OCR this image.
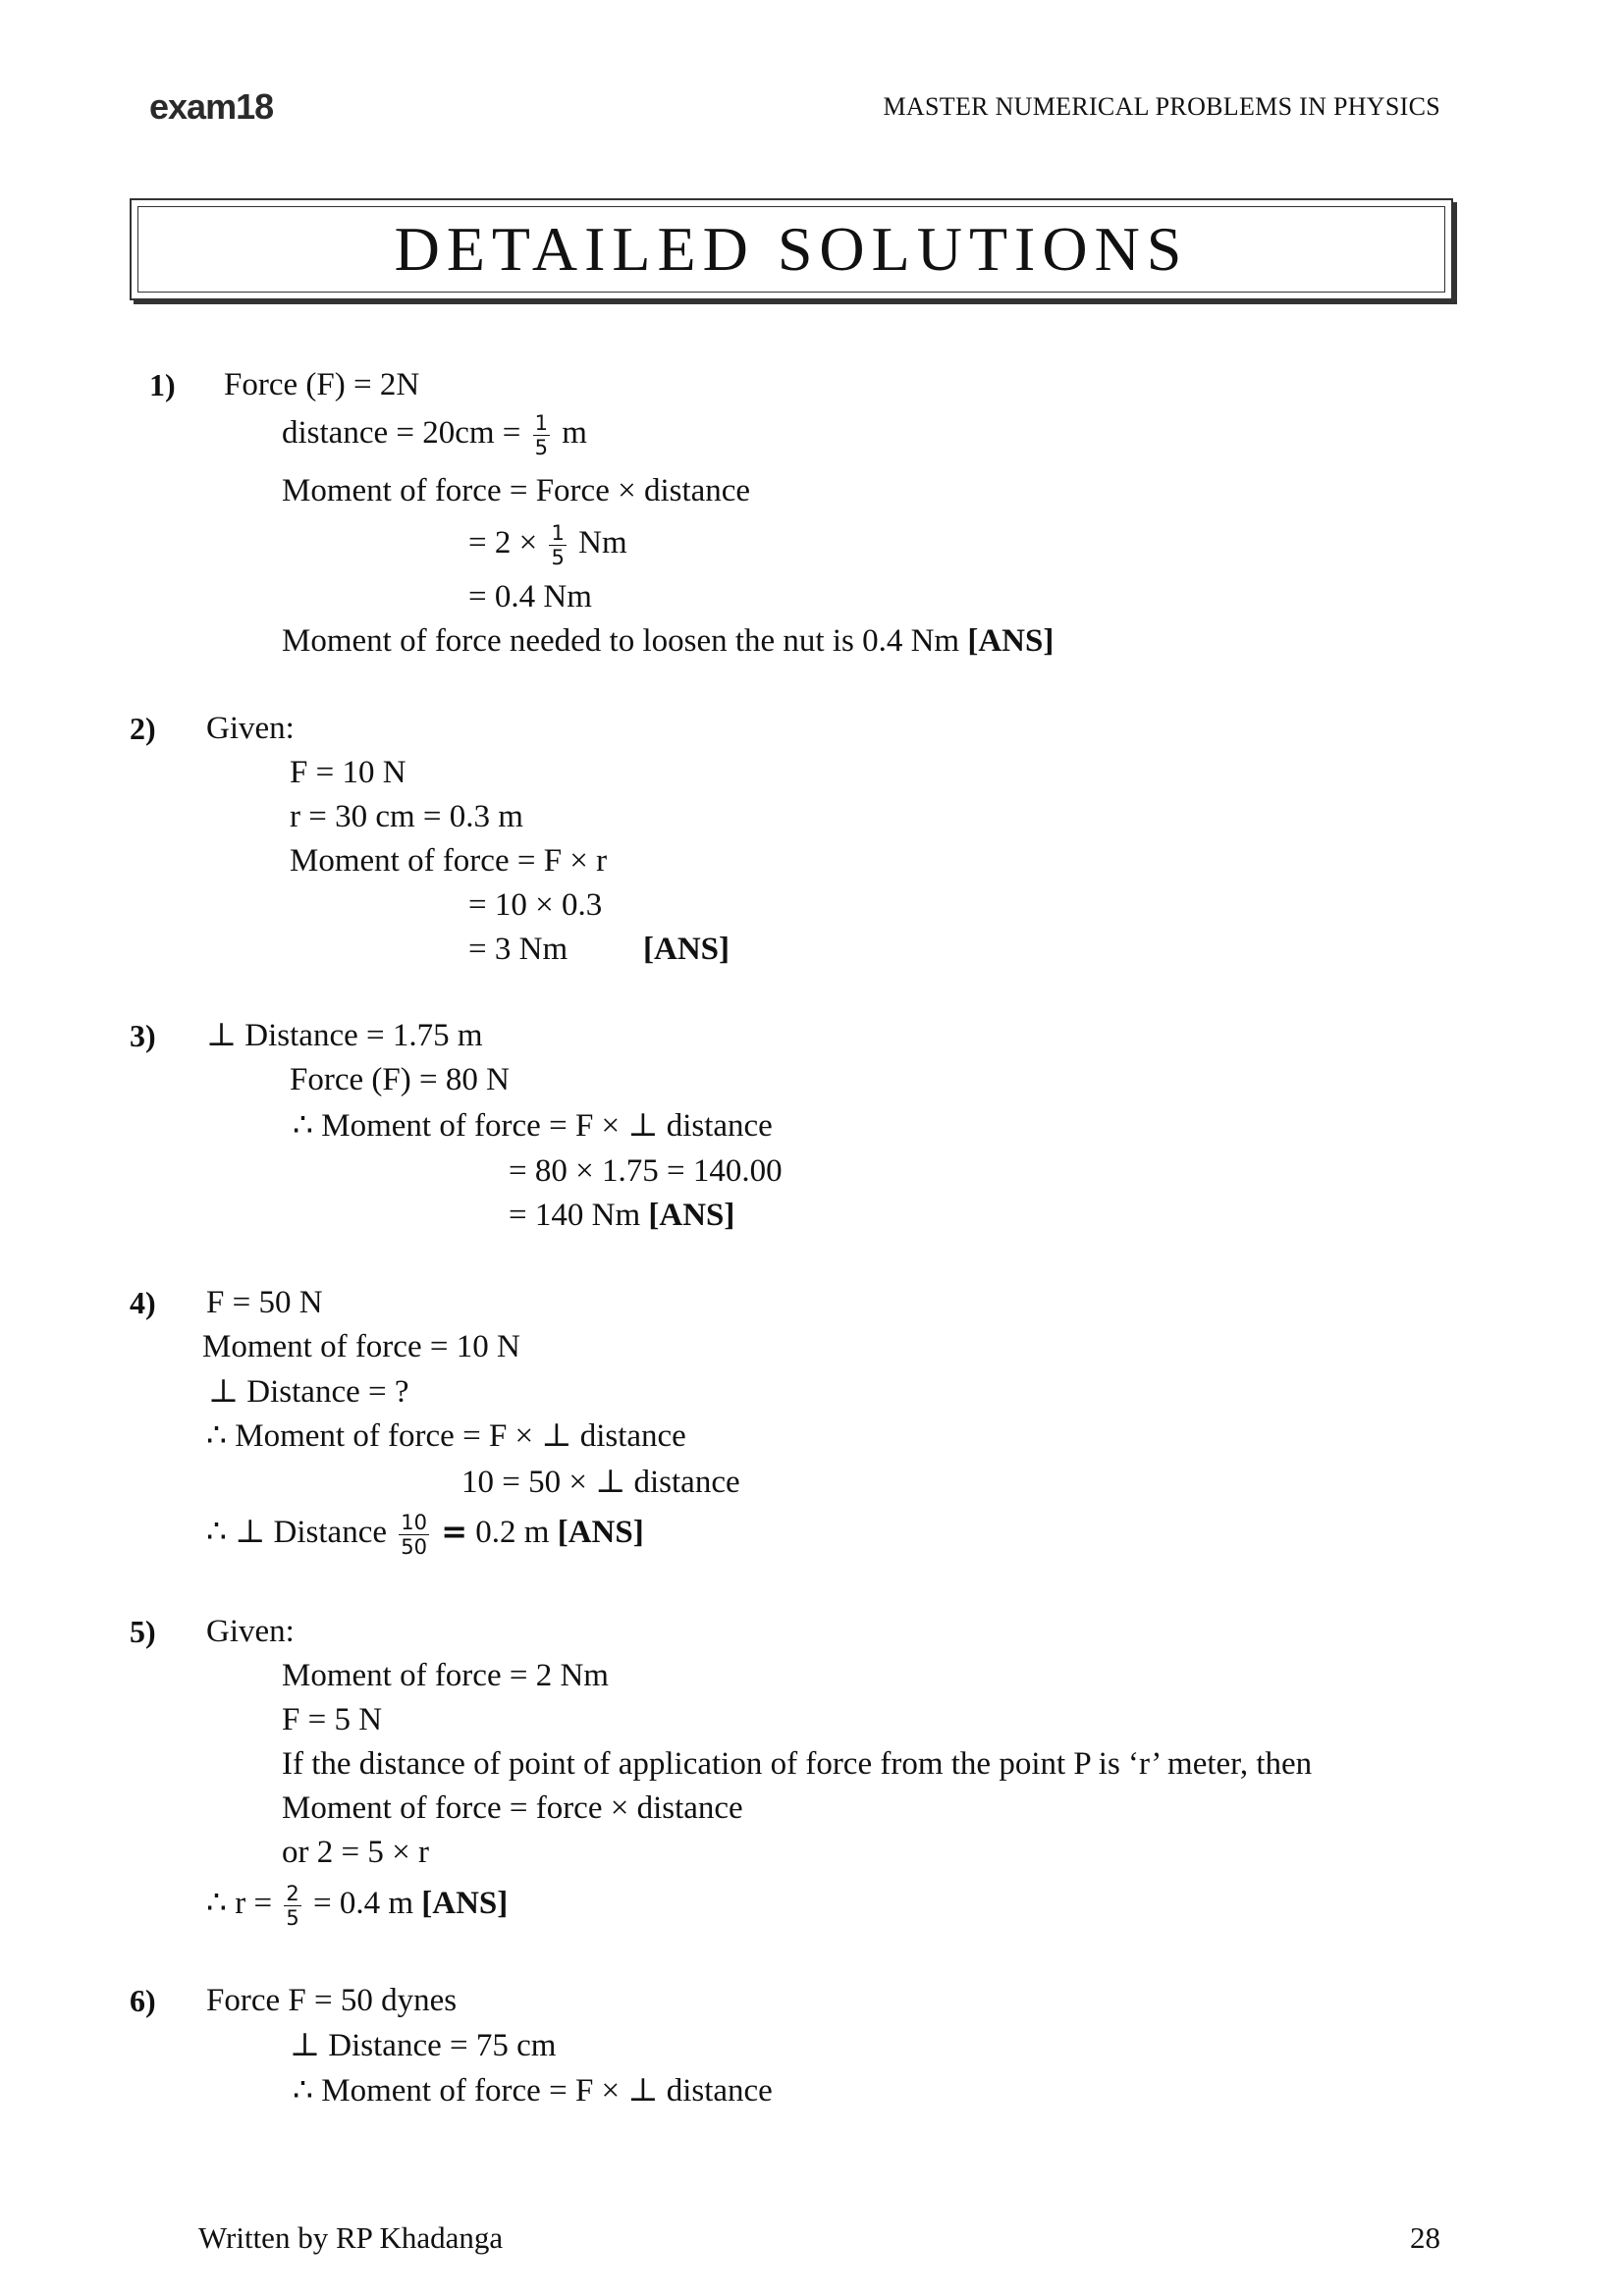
exam18	MASTER NUMERICAL PROBLEMS IN PHYSICS
DETAILED SOLUTIONS
1) Force (F) = 2N
distance = $20cm = \frac{1}{5}$ m
Moment of force = Force × distance
= $2 \times \frac{1}{5}$ Nm
= 0.4 Nm
Moment of force needed to loosen the nut is 0.4 Nm [ANS]
2) Given:
F = 10 N
r = 30 cm = 0.3 m
Moment of force = F × r
= 10 × 0.3
= 3 Nm [ANS]
3) ⊥ Distance = 1.75 m
Force (F) = 80 N
∴ Moment of force = F × ⊥ distance
= 80 × 1.75 = 140.00
= 140 Nm [ANS]
4) F = 50 N
Moment of force = 10 N
⊥ Distance = ?
∴ Moment of force = F × ⊥ distance
10 = 50 × ⊥ distance
∴ ⊥ Distance $\frac{10}{50} = 0.2$ m [ANS]
5) Given:
Moment of force = 2 Nm
F = 5 N
If the distance of point of application of force from the point P is ‘r’ meter, then
Moment of force = force × distance
or 2 = 5 × r
∴ $r = \frac{2}{5} = 0.4$ m [ANS]
6) Force F = 50 dynes
⊥ Distance = 75 cm
∴ Moment of force = F × ⊥ distance
Written by RP Khadanga	28
